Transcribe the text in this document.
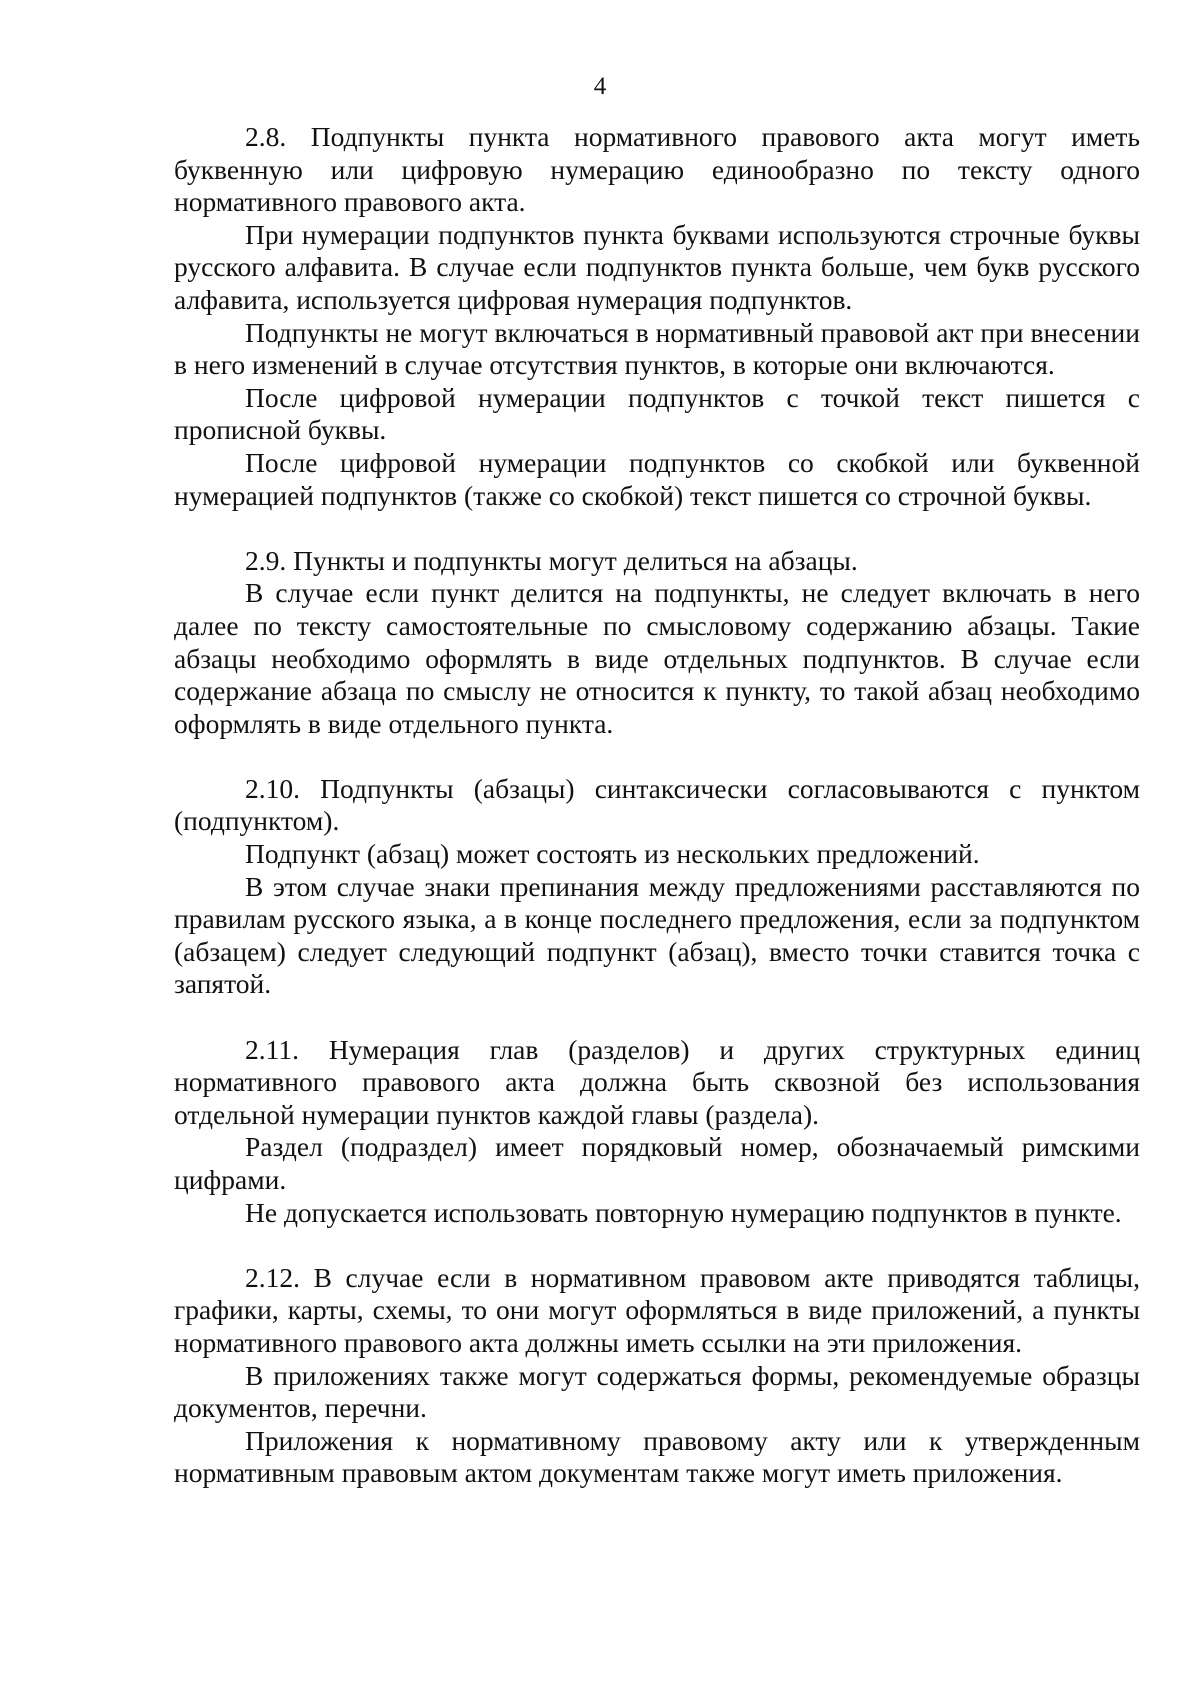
4

2.8. Подпункты пункта нормативного правового акта могут иметь буквенную или цифровую нумерацию единообразно по тексту одного нормативного правового акта.

При нумерации подпунктов пункта буквами используются строчные буквы русского алфавита. В случае если подпунктов пункта больше, чем букв русского алфавита, используется цифровая нумерация подпунктов.

Подпункты не могут включаться в нормативный правовой акт при внесении в него изменений в случае отсутствия пунктов, в которые они включаются.

После цифровой нумерации подпунктов с точкой текст пишется с прописной буквы.

После цифровой нумерации подпунктов со скобкой или буквенной нумерацией подпунктов (также со скобкой) текст пишется со строчной буквы.

2.9. Пункты и подпункты могут делиться на абзацы.

В случае если пункт делится на подпункты, не следует включать в него далее по тексту самостоятельные по смысловому содержанию абзацы. Такие абзацы необходимо оформлять в виде отдельных подпунктов. В случае если содержание абзаца по смыслу не относится к пункту, то такой абзац необходимо оформлять в виде отдельного пункта.

2.10. Подпункты (абзацы) синтаксически согласовываются с пунктом (подпунктом).

Подпункт (абзац) может состоять из нескольких предложений.

В этом случае знаки препинания между предложениями расставляются по правилам русского языка, а в конце последнего предложения, если за подпунктом (абзацем) следует следующий подпункт (абзац), вместо точки ставится точка с запятой.

2.11. Нумерация глав (разделов) и других структурных единиц нормативного правового акта должна быть сквозной без использования отдельной нумерации пунктов каждой главы (раздела).

Раздел (подраздел) имеет порядковый номер, обозначаемый римскими цифрами.

Не допускается использовать повторную нумерацию подпунктов в пункте.

2.12. В случае если в нормативном правовом акте приводятся таблицы, графики, карты, схемы, то они могут оформляться в виде приложений, а пункты нормативного правового акта должны иметь ссылки на эти приложения.

В приложениях также могут содержаться формы, рекомендуемые образцы документов, перечни.

Приложения к нормативному правовому акту или к утвержденным нормативным правовым актом документам также могут иметь приложения.
